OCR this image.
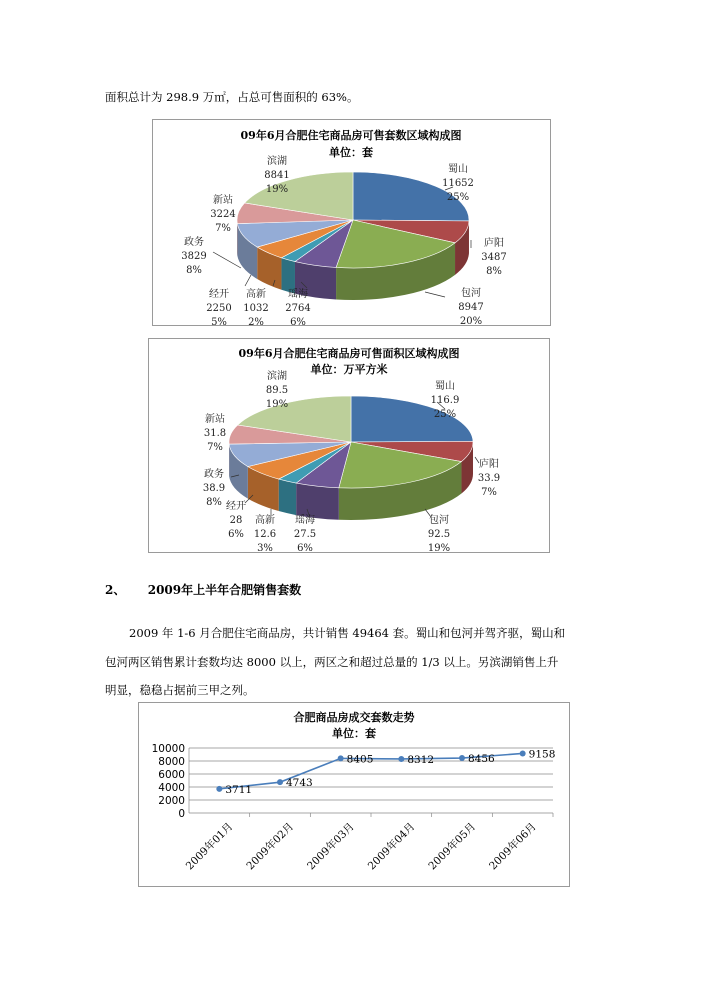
面积总计为 298.9 万㎡，占总可售面积的 63%。
09年6月合肥住宅商品房可售套数区域构成图
单位：套
蜀山
11652
25%
庐阳
3487
8%
包河
8947
20%
瑶海
2764
6%
高新
1032
2%
经开
2250
5%
政务
3829
8%
新站
3224
7%
滨湖
8841
19%
09年6月合肥住宅商品房可售面积区域构成图
单位：万平方米
蜀山
116.9
25%
庐阳
33.9
7%
包河
92.5
19%
瑶海
27.5
6%
高新
12.6
3%
经开
28
6%
政务
38.9
8%
新站
31.8
7%
滨湖
89.5
19%
2、 2009年上半年合肥销售套数
2009 年 1-6 月合肥住宅商品房，共计销售 49464 套。蜀山和包河并驾齐驱，蜀山和
包河两区销售累计套数均达 8000 以上，两区之和超过总量的 1/3 以上。另滨湖销售上升
明显，稳稳占据前三甲之列。
合肥商品房成交套数走势
单位：套
0
2000
4000
6000
8000
10000
2009年01月 2009年02月 2009年03月 2009年04月 2009年05月 2009年06月
3711
4743
8405	8312	8456	9158
